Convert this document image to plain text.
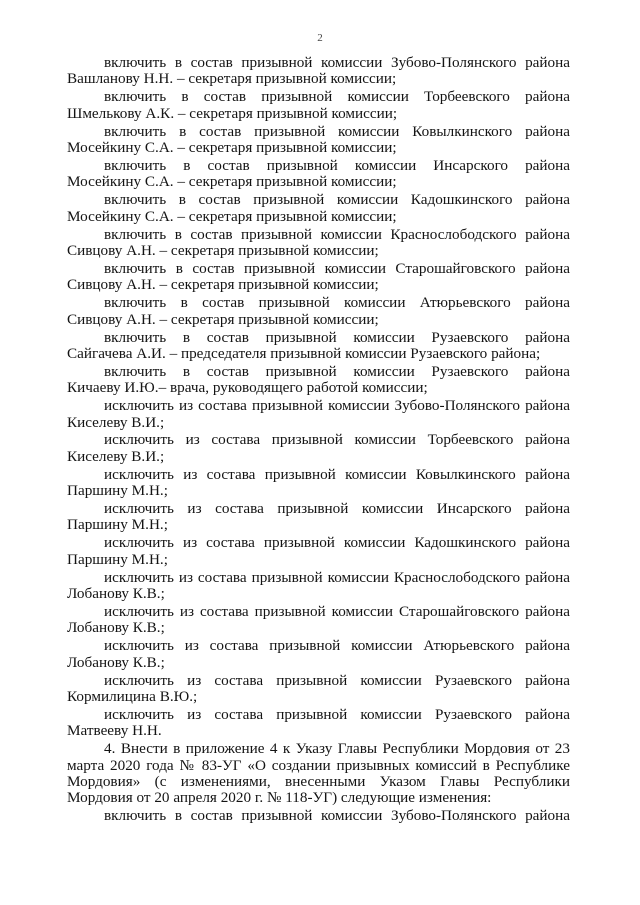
2

включить в состав призывной комиссии Зубово-Полянского района
Вашланову Н.Н. – секретаря призывной комиссии;

включить в состав призывной комиссии Торбеевского района
Шмелькову А.К. – секретаря призывной комиссии;

включить в состав призывной комиссии Ковылкинского района
Мосейкину С.А. – секретаря призывной комиссии;

включить в состав призывной комиссии Инсарского района
Мосейкину С.А. – секретаря призывной комиссии;

включить в состав призывной комиссии Кадошкинского района
Мосейкину С.А. – секретаря призывной комиссии;

включить в состав призывной комиссии Краснослободского района
Сивцову А.Н. – секретаря призывной комиссии;

включить в состав призывной комиссии Старошайговского района
Сивцову А.Н. – секретаря призывной комиссии;

включить в состав призывной комиссии Атюрьевского района
Сивцову А.Н. – секретаря призывной комиссии;

включить в состав призывной комиссии Рузаевского района
Сайгачева А.И. – председателя призывной комиссии Рузаевского района;

включить в состав призывной комиссии Рузаевского района
Кичаеву И.Ю.– врача, руководящего работой комиссии;

исключить из состава призывной комиссии Зубово-Полянского района
Киселеву В.И.;

исключить из состава призывной комиссии Торбеевского района
Киселеву В.И.;

исключить из состава призывной комиссии Ковылкинского района
Паршину М.Н.;

исключить из состава призывной комиссии Инсарского района
Паршину М.Н.;

исключить из состава призывной комиссии Кадошкинского района
Паршину М.Н.;

исключить из состава призывной комиссии Краснослободского района
Лобанову К.В.;

исключить из состава призывной комиссии Старошайговского района
Лобанову К.В.;

исключить из состава призывной комиссии Атюрьевского района
Лобанову К.В.;

исключить из состава призывной комиссии Рузаевского района
Кормилицина В.Ю.;

исключить из состава призывной комиссии Рузаевского района
Матвееву Н.Н.

4. Внести в приложение 4 к Указу Главы Республики Мордовия от 23 марта 2020 года № 83-УГ «О создании призывных комиссий в Республике Мордовия» (с изменениями, внесенными Указом Главы Республики Мордовия от 20 апреля 2020 г. № 118-УГ) следующие изменения:

включить в состав призывной комиссии Зубово-Полянского района
